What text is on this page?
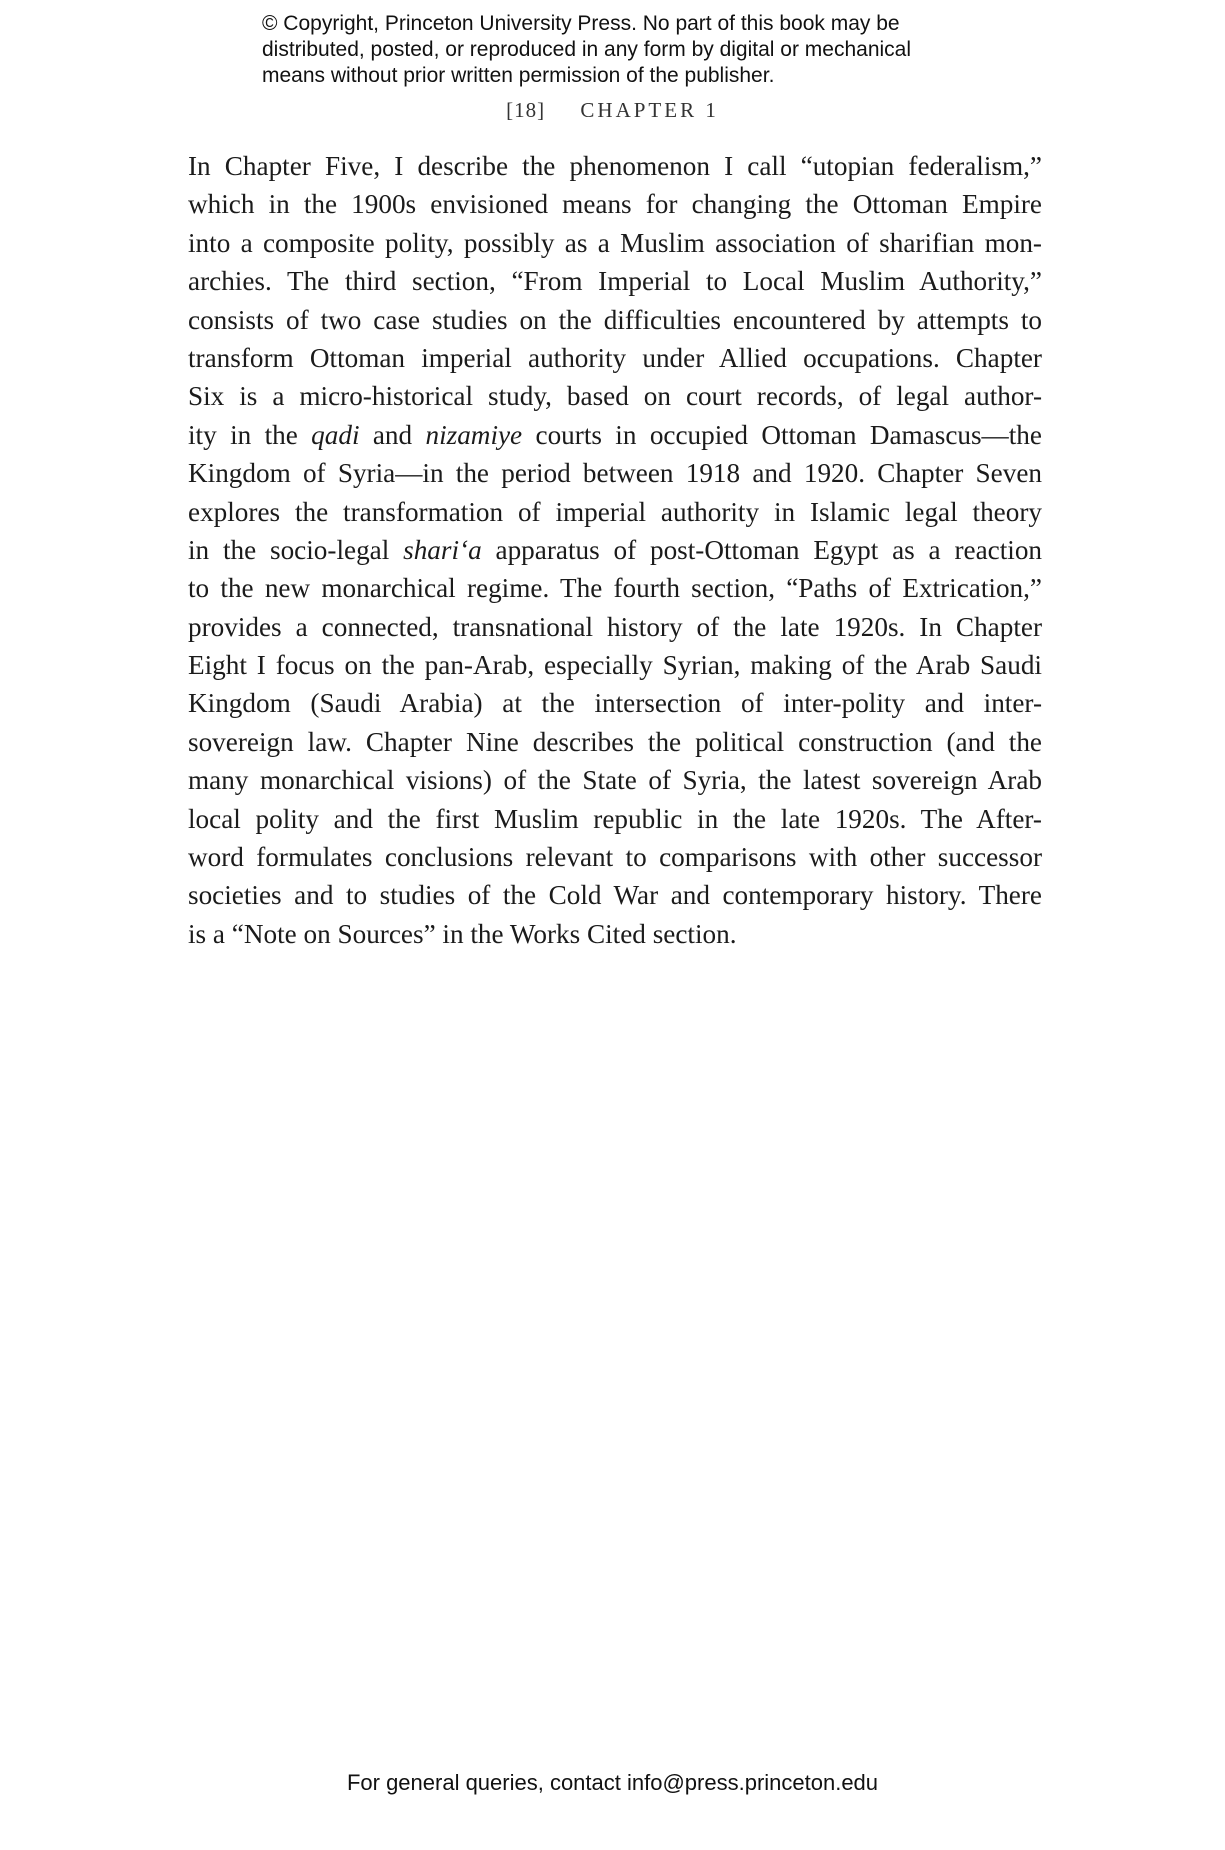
© Copyright, Princeton University Press. No part of this book may be
distributed, posted, or reproduced in any form by digital or mechanical
means without prior written permission of the publisher.
[18] CHAPTER 1
In Chapter Five, I describe the phenomenon I call “utopian federalism,”
which in the 1900s envisioned means for changing the Ottoman Empire
into a composite polity, possibly as a Muslim association of sharifian mon-
archies. The third section, “From Imperial to Local Muslim Authority,”
consists of two case studies on the difficulties encountered by attempts to
transform Ottoman imperial authority under Allied occupations. Chapter
Six is a micro-historical study, based on court records, of legal author-
ity in the qadi and nizamiye courts in occupied Ottoman Damascus—the
Kingdom of Syria—in the period between 1918 and 1920. Chapter Seven
explores the transformation of imperial authority in Islamic legal theory
in the socio-legal shari‘a apparatus of post-Ottoman Egypt as a reaction
to the new monarchical regime. The fourth section, “Paths of Extrication,”
provides a connected, transnational history of the late 1920s. In Chapter
Eight I focus on the pan-Arab, especially Syrian, making of the Arab Saudi
Kingdom (Saudi Arabia) at the intersection of inter-polity and inter-
sovereign law. Chapter Nine describes the political construction (and the
many monarchical visions) of the State of Syria, the latest sovereign Arab
local polity and the first Muslim republic in the late 1920s. The After-
word formulates conclusions relevant to comparisons with other successor
societies and to studies of the Cold War and contemporary history. There
is a “Note on Sources” in the Works Cited section.
For general queries, contact info@press.princeton.edu
